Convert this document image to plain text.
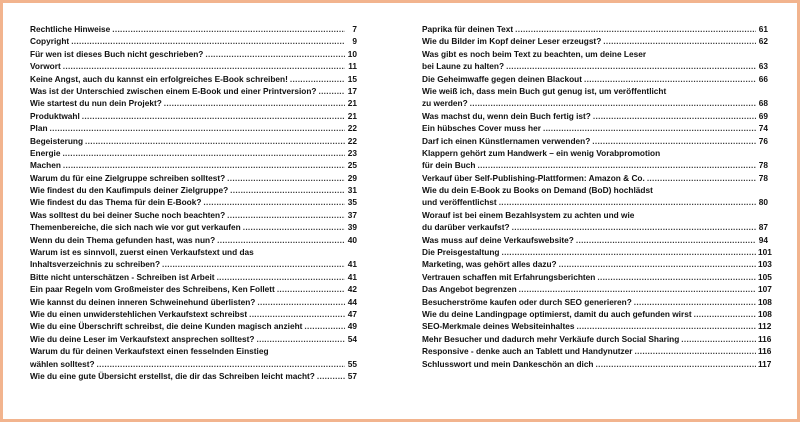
Rechtliche Hinweise .....	7
Copyright .....	9
Für wen ist dieses Buch nicht geschrieben? .....	10
Vorwort .....	11
Keine Angst, auch du kannst ein erfolgreiches E-Book schreiben! .....	15
Was ist der Unterschied zwischen einem E-Book und einer Printversion? .....	17
Wie startest du nun dein Projekt? .....	21
Produktwahl .....	21
Plan .....	22
Begeisterung .....	22
Energie .....	23
Machen .....	25
Warum du für eine Zielgruppe schreiben solltest? .....	29
Wie findest du den Kaufimpuls deiner Zielgruppe? .....	31
Wie findest du das Thema für dein E-Book? .....	35
Was solltest du bei deiner Suche noch beachten? .....	37
Themenbereiche, die sich nach wie vor gut verkaufen .....	39
Wenn du dein Thema gefunden hast, was nun? .....	40
Warum ist es sinnvoll, zuerst einen Verkaufstext und das
Inhaltsverzeichnis zu schreiben? .....	41
Bitte nicht unterschätzen - Schreiben ist Arbeit .....	41
Ein paar Regeln vom Großmeister des Schreibens, Ken Follett .....	42
Wie kannst du deinen inneren Schweinehund überlisten? .....	44
Wie du einen unwiderstehlichen Verkaufstext schreibst .....	47
Wie du eine Überschrift schreibst, die deine Kunden magisch anzieht .....	49
Wie du deine Leser im Verkaufstext ansprechen solltest? .....	54
Warum du für deinen Verkaufstext einen fesselnden Einstieg
wählen solltest? .....	55
Wie du eine gute Übersicht erstellst, die dir das Schreiben leicht macht? .....	57
Paprika für deinen Text .....	61
Wie du Bilder im Kopf deiner Leser erzeugst? .....	62
Was gibt es noch beim Text zu beachten, um deine Leser
bei Laune zu halten? .....	63
Die Geheimwaffe gegen deinen Blackout .....	66
Wie weiß ich, dass mein Buch gut genug ist, um veröffentlicht
zu werden? .....	68
Was machst du, wenn dein Buch fertig ist? .....	69
Ein hübsches Cover muss her .....	74
Darf ich einen Künstlernamen verwenden? .....	76
Klappern gehört zum Handwerk – ein wenig Vorabpromotion
für dein Buch .....	78
Verkauf über Self-Publishing-Plattformen: Amazon & Co. .....	78
Wie du dein E-Book zu Books on Demand (BoD) hochlädst
und veröffentlichst .....	80
Worauf ist bei einem Bezahlsystem zu achten und wie
du darüber verkaufst? .....	87
Was muss auf deine Verkaufswebsite? .....	94
Die Preisgestaltung .....	101
Marketing, was gehört alles dazu? .....	103
Vertrauen schaffen mit Erfahrungsberichten .....	105
Das Angebot begrenzen .....	107
Besucherströme kaufen oder durch SEO generieren? .....	108
Wie du deine Landingpage optimierst, damit du auch gefunden wirst .....	108
SEO-Merkmale deines Websiteinhaltes .....	112
Mehr Besucher und dadurch mehr Verkäufe durch Social Sharing .....	116
Responsive - denke auch an Tablett und Handynutzer .....	116
Schlusswort und mein Dankeschön an dich .....	117
